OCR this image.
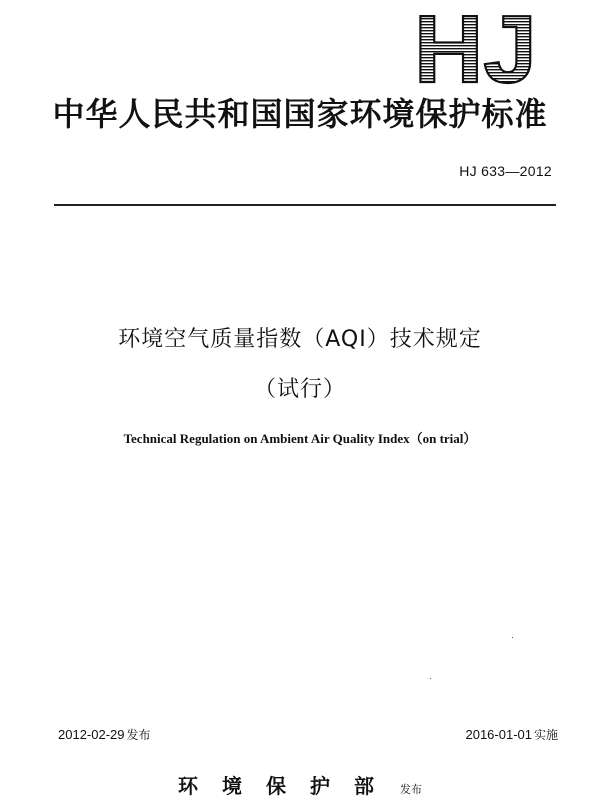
HJ
中华人民共和国国家环境保护标准
HJ 633—2012
环境空气质量指数（AQI）技术规定
（试行）
Technical Regulation on Ambient Air Quality Index（on trial）
2012-02-29 发布	2016-01-01 实施
环境保护部 发布
